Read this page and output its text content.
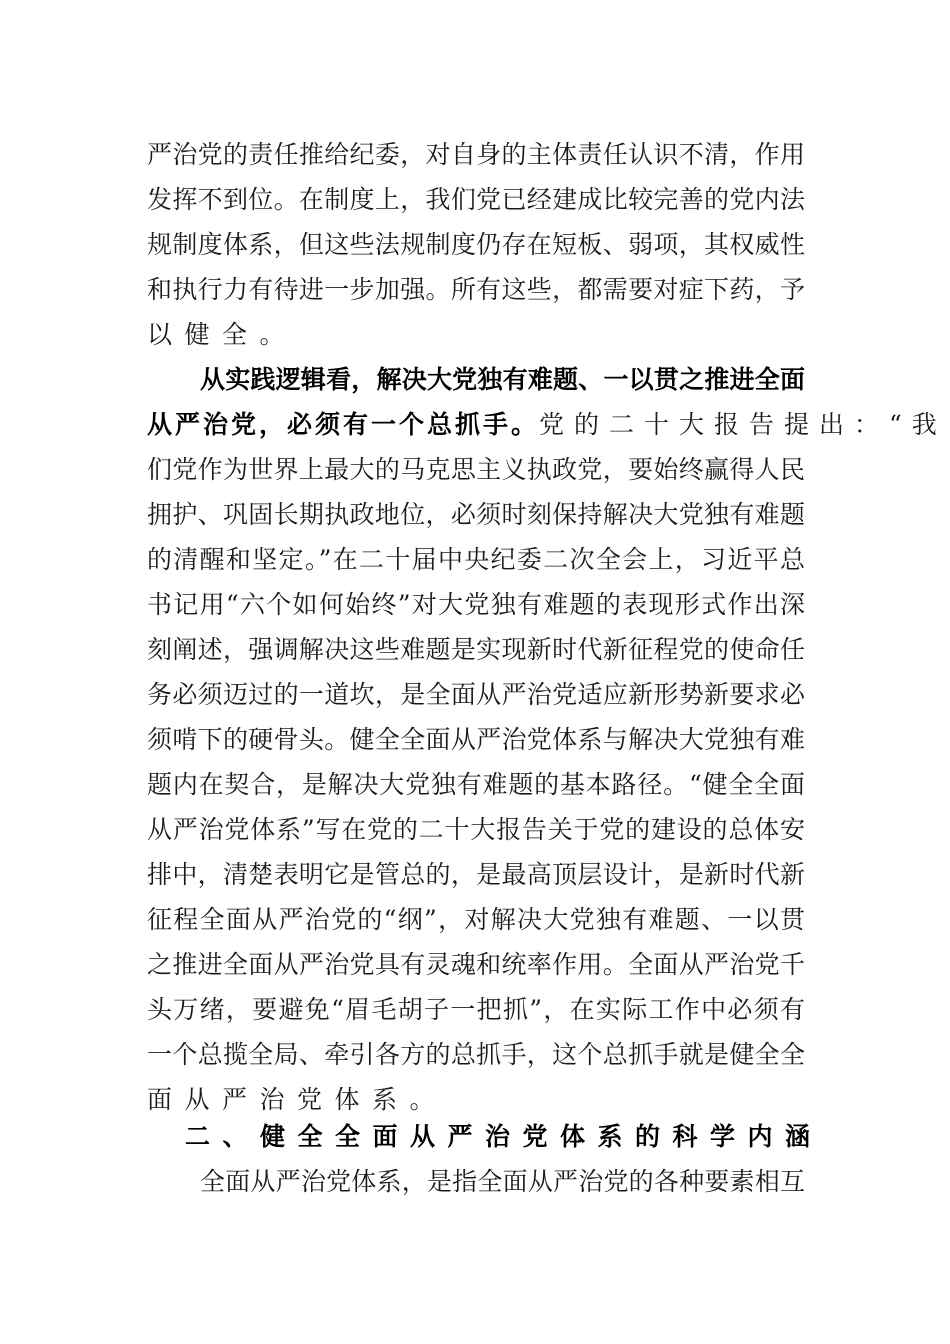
严治党的责任推给纪委，对自身的主体责任认识不清，作用
发挥不到位。在制度上，我们党已经建成比较完善的党内法
规制度体系，但这些法规制度仍存在短板、弱项，其权威性
和执行力有待进一步加强。所有这些，都需要对症下药，予
以健全。
从实践逻辑看，解决大党独有难题、一以贯之推进全面
从严治党，必须有一个总抓手。党的二十大报告提出：“我
们党作为世界上最大的马克思主义执政党，要始终赢得人民
拥护、巩固长期执政地位，必须时刻保持解决大党独有难题
的清醒和坚定。”在二十届中央纪委二次全会上，习近平总
书记用“六个如何始终”对大党独有难题的表现形式作出深
刻阐述，强调解决这些难题是实现新时代新征程党的使命任
务必须迈过的一道坎，是全面从严治党适应新形势新要求必
须啃下的硬骨头。健全全面从严治党体系与解决大党独有难
题内在契合，是解决大党独有难题的基本路径。“健全全面
从严治党体系”写在党的二十大报告关于党的建设的总体安
排中，清楚表明它是管总的，是最高顶层设计，是新时代新
征程全面从严治党的“纲”，对解决大党独有难题、一以贯
之推进全面从严治党具有灵魂和统率作用。全面从严治党千
头万绪，要避免“眉毛胡子一把抓”，在实际工作中必须有
一个总揽全局、牵引各方的总抓手，这个总抓手就是健全全
面从严治党体系。
二、健全全面从严治党体系的科学内涵
全面从严治党体系，是指全面从严治党的各种要素相互
